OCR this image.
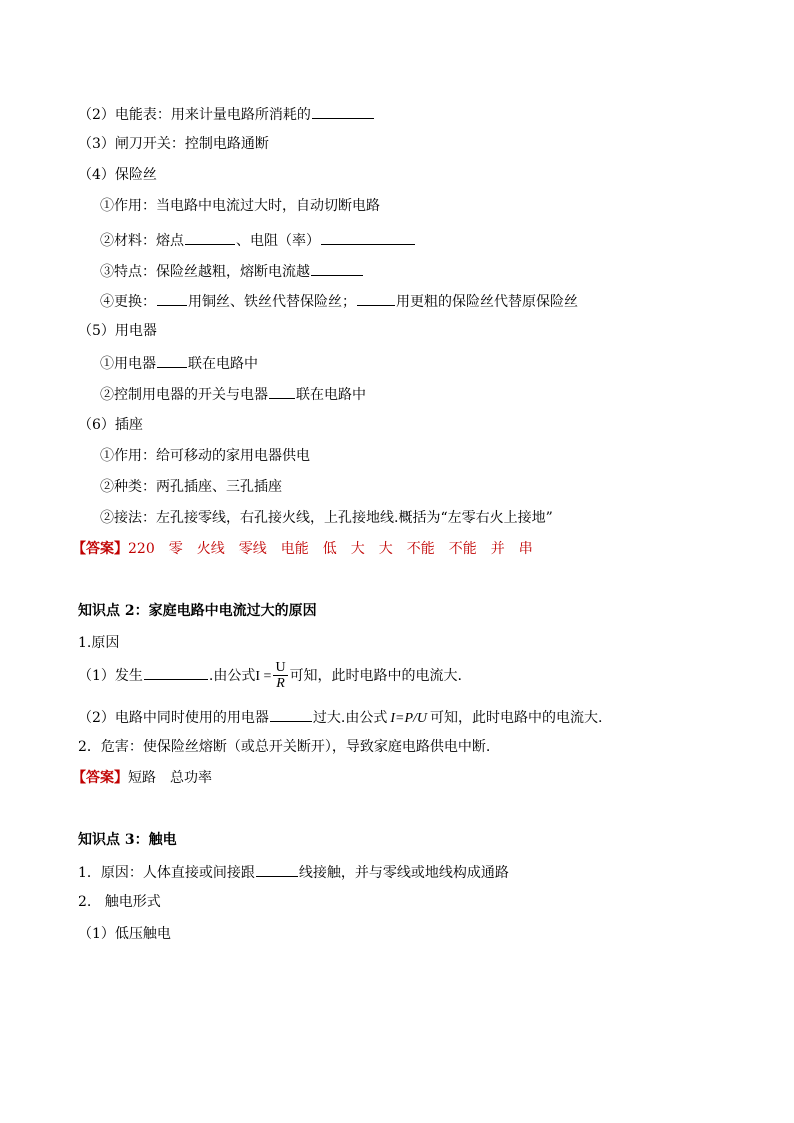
（2）电能表：用来计量电路所消耗的
（3）闸刀开关：控制电路通断
（4）保险丝
①作用：当电路中电流过大时，自动切断电路
②材料：熔点	、电阻（率）
③特点：保险丝越粗，熔断电流越
④更换： 用铜丝、铁丝代替保险丝；	用更粗的保险丝代替原保险丝
（5）用电器
①用电器 联在电路中
②控制用电器的开关与电器 联在电路中
（6）插座
①作用：给可移动的家用电器供电
②种类：两孔插座、三孔插座
②接法：左孔接零线，右孔接火线，上孔接地线.概括为“左零右火上接地”
【答案】220 零 火线 零线 电能 低 大 大 不能 不能 并 串
知识点 2：家庭电路中电流过大的原因
1.原因
（1）发生	.由公式$I = \frac{U}{R}$ 可知，此时电路中的电流大.
（2）电路中同时使用的用电器	过大.由公式 I=P/U 可知，此时电路中的电流大.
2．危害：使保险丝熔断（或总开关断开），导致家庭电路供电中断.
【答案】短路 总功率
知识点 3：触电
1．原因：人体直接或间接跟	线接触，并与零线或地线构成通路
2.   触电形式
（1）低压触电
